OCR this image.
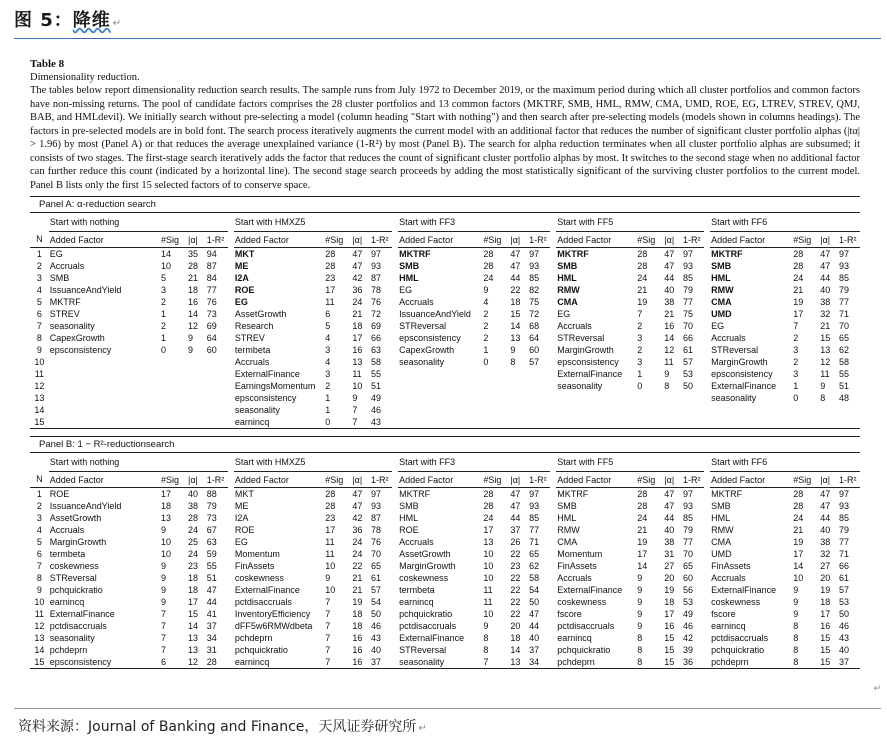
图 5：降维 ↵
Table 8
Dimensionality reduction.
The tables below report dimensionality reduction search results. The sample runs from July 1972 to December 2019, or the maximum period during which all cluster portfolios and common factors have non-missing returns. The pool of candidate factors comprises the 28 cluster portfolios and 13 common factors (MKTRF, SMB, HML, RMW, CMA, UMD, ROE, EG, LTREV, STREV, QMJ, BAB, and HMLdevil). We initially search without pre-selecting a model (column heading "Start with nothing") and then search after pre-selecting models (models shown in columns headings). The factors in pre-selected models are in bold font. The search process iteratively augments the current model with an additional factor that reduces the number of significant cluster portfolio alphas (|tα| > 1.96) by most (Panel A) or that reduces the average unexplained variance (1-R²) by most (Panel B). The search for alpha reduction terminates when all cluster portfolio alphas are subsumed; it consists of two stages. The first-stage search iteratively adds the factor that reduces the count of significant cluster portfolio alphas by most. It switches to the second stage when no additional factor can further reduce this count (indicated by a horizontal line). The second stage search proceeds by adding the most statistically significant of the surviving cluster portfolios to the current model. Panel B lists only the first 15 selected factors of to conserve space.
Panel A: α-reduction search
	Start with nothing					Start with HMXZ5					Start with FF3					Start with FF5					Start with FF6			
N	Added Factor	#Sig	|α|	1-R²		Added Factor	#Sig	|α|	1-R²		Added Factor	#Sig	|α|	1-R²		Added Factor	#Sig	|α|	1-R²		Added Factor	#Sig	|α|	1-R²
1	EG	14	35	94		MKT	28	47	97		MKTRF	28	47	97		MKTRF	28	47	97		MKTRF	28	47	97
2	Accruals	10	28	87		ME	28	47	93		SMB	28	47	93		SMB	28	47	93		SMB	28	47	93
3	SMB	5	21	84		I2A	23	42	87		HML	24	44	85		HML	24	44	85		HML	24	44	85
4	IssuanceAndYield	3	18	77		ROE	17	36	78		EG	9	22	82		RMW	21	40	79		RMW	21	40	79
5	MKTRF	2	16	76		EG	11	24	76		Accruals	4	18	75		CMA	19	38	77		CMA	19	38	77
6	STREV	1	14	73		AssetGrowth	6	21	72		IssuanceAndYield	2	15	72		EG	7	21	75		UMD	17	32	71
7	seasonality	2	12	69		Research	5	18	69		STReversal	2	14	68		Accruals	2	16	70		EG	7	21	70
8	CapexGrowth	1	9	64		STREV	4	17	66		epsconsistency	2	13	64		STReversal	3	14	66		Accruals	2	15	65
9	epsconsistency	0	9	60		termbeta	3	16	63		CapexGrowth	1	9	60		MarginGrowth	2	12	61		STReversal	3	13	62
10						Accruals	4	13	58		seasonality	0	8	57		epsconsistency	3	11	57		MarginGrowth	2	12	58
11						ExternalFinance	3	11	55							ExternalFinance	1	9	53		epsconsistency	3	11	55
12						EarningsMomentum	2	10	51							seasonality	0	8	50		ExternalFinance	1	9	51
13						epsconsistency	1	9	49												seasonality	0	8	48
14						seasonality	1	7	46															
15						earnincq	0	7	43															

Panel B: 1 − R²-reductionsearch
	Start with nothing					Start with HMXZ5					Start with FF3					Start with FF5					Start with FF6			
N	Added Factor	#Sig	|α|	1-R²		Added Factor	#Sig	|α|	1-R²		Added Factor	#Sig	|α|	1-R²		Added Factor	#Sig	|α|	1-R²		Added Factor	#Sig	|α|	1-R²
1	ROE	17	40	88		MKT	28	47	97		MKTRF	28	47	97		MKTRF	28	47	97		MKTRF	28	47	97
2	IssuanceAndYield	18	38	79		ME	28	47	93		SMB	28	47	93		SMB	28	47	93		SMB	28	47	93
3	AssetGrowth	13	28	73		I2A	23	42	87		HML	24	44	85		HML	24	44	85		HML	24	44	85
4	Accruals	9	24	67		ROE	17	36	78		ROE	17	37	77		RMW	21	40	79		RMW	21	40	79
5	MarginGrowth	10	25	63		EG	11	24	76		Accruals	13	26	71		CMA	19	38	77		CMA	19	38	77
6	termbeta	10	24	59		Momentum	11	24	70		AssetGrowth	10	22	65		Momentum	17	31	70		UMD	17	32	71
7	coskewness	9	23	55		FinAssets	10	22	65		MarginGrowth	10	23	62		FinAssets	14	27	65		FinAssets	14	27	66
8	STReversal	9	18	51		coskewness	9	21	61		coskewness	10	22	58		Accruals	9	20	60		Accruals	10	20	61
9	pchquickratio	9	18	47		ExternalFinance	10	21	57		termbeta	11	22	54		ExternalFinance	9	19	56		ExternalFinance	9	19	57
10	earnincq	9	17	44		pctdisaccruals	7	19	54		earnincq	11	22	50		coskewness	9	18	53		coskewness	9	18	53
11	ExternalFinance	7	15	41		InventoryEfficiency	7	18	50		pchquickratio	10	22	47		fscore	9	17	49		fscore	9	17	50
12	pctdisaccruals	7	14	37		dFF5w6RMWdbeta	7	18	46		pctdisaccruals	9	20	44		pctdisaccruals	9	16	46		earnincq	8	16	46
13	seasonality	7	13	34		pchdeprn	7	16	43		ExternalFinance	8	18	40		earnincq	8	15	42		pctdisaccruals	8	15	43
14	pchdeprn	7	13	31		pchquickratio	7	16	40		STReversal	8	14	37		pchquickratio	8	15	39		pchquickratio	8	15	40
15	epsconsistency	6	12	28		earnincq	7	16	37		seasonality	7	13	34		pchdeprn	8	15	36		pchdeprn	8	15	37

↵
资料来源：Journal of Banking and Finance，天风证券研究所 ↵
